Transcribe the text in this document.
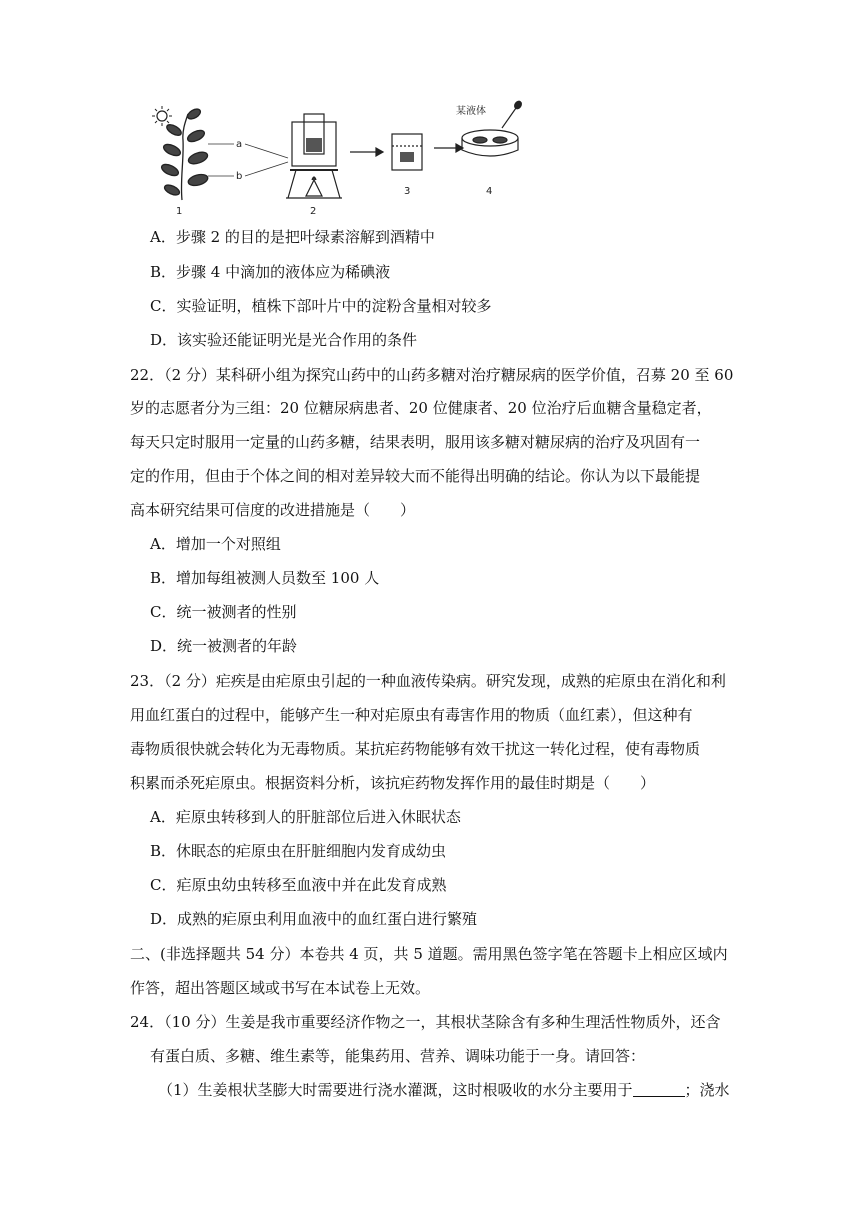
a
b
某液体
1	2
3	4
A．步骤 2 的目的是把叶绿素溶解到酒精中
B．步骤 4 中滴加的液体应为稀碘液
C．实验证明，植株下部叶片中的淀粉含量相对较多
D．该实验还能证明光是光合作用的条件
22．（2 分）某科研小组为探究山药中的山药多糖对治疗糖尿病的医学价值，召募 20 至 60
岁的志愿者分为三组：20 位糖尿病患者、20 位健康者、20 位治疗后血糖含量稳定者，
每天只定时服用一定量的山药多糖，结果表明，服用该多糖对糖尿病的治疗及巩固有一
定的作用，但由于个体之间的相对差异较大而不能得出明确的结论。你认为以下最能提
高本研究结果可信度的改进措施是（　　）
A．增加一个对照组
B．增加每组被测人员数至 100 人
C．统一被测者的性别
D．统一被测者的年龄
23．（2 分）疟疾是由疟原虫引起的一种血液传染病。研究发现，成熟的疟原虫在消化和利
用血红蛋白的过程中，能够产生一种对疟原虫有毒害作用的物质（血红素），但这种有
毒物质很快就会转化为无毒物质。某抗疟药物能够有效干扰这一转化过程，使有毒物质
积累而杀死疟原虫。根据资料分析，该抗疟药物发挥作用的最佳时期是（　　）
A．疟原虫转移到人的肝脏部位后进入休眠状态
B．休眠态的疟原虫在肝脏细胞内发育成幼虫
C．疟原虫幼虫转移至血液中并在此发育成熟
D．成熟的疟原虫利用血液中的血红蛋白进行繁殖
二、(非选择题共 54 分）本卷共 4 页，共 5 道题。需用黑色签字笔在答题卡上相应区域内
作答，超出答题区域或书写在本试卷上无效。
24．（10 分）生姜是我市重要经济作物之一，其根状茎除含有多种生理活性物质外，还含
有蛋白质、多糖、维生素等，能集药用、营养、调味功能于一身。请回答：
（1）生姜根状茎膨大时需要进行浇水灌溉，这时根吸收的水分主要用于	；浇水
